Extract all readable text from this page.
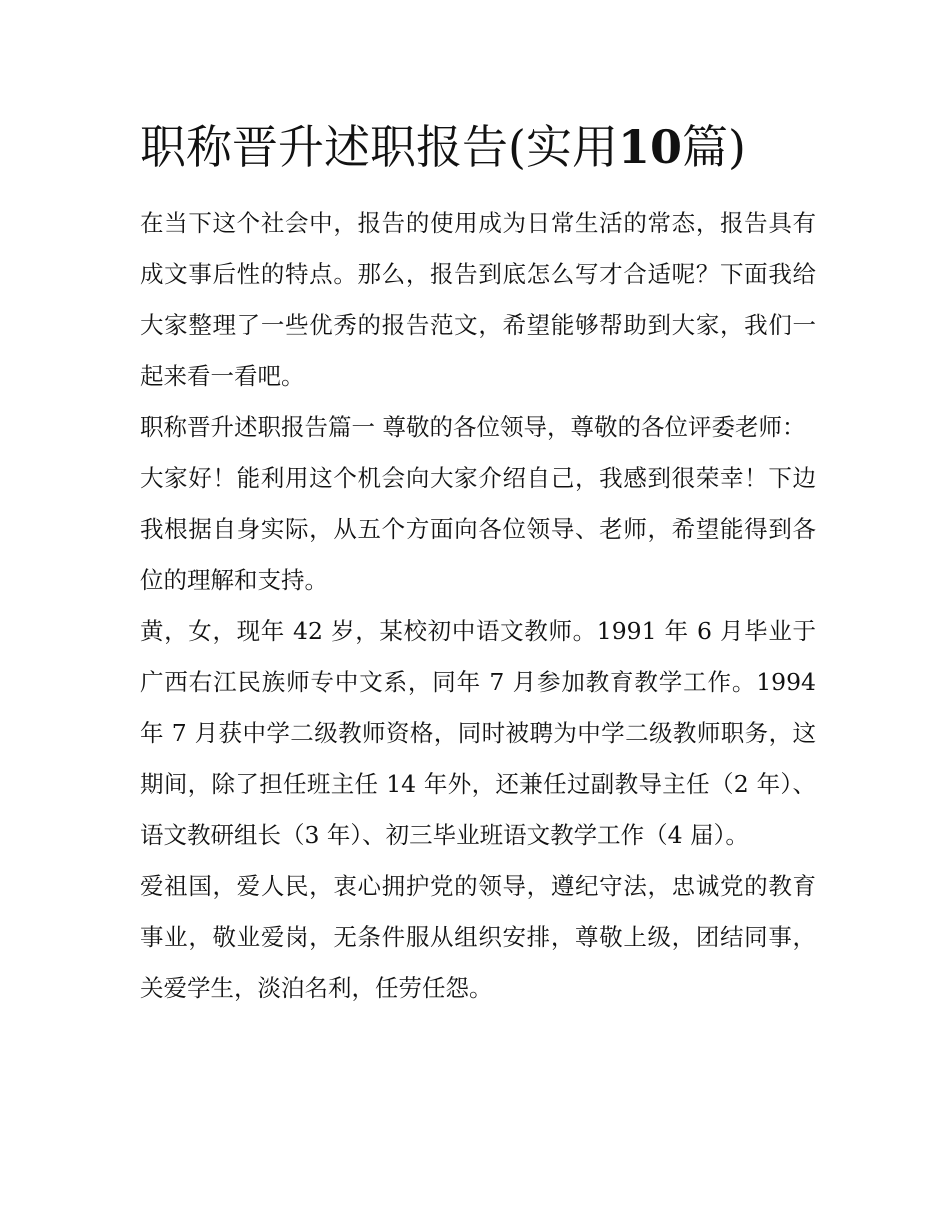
职称晋升述职报告(实用10篇)

在当下这个社会中，报告的使用成为日常生活的常态，报告具有成文事后性的特点。那么，报告到底怎么写才合适呢？下面我给大家整理了一些优秀的报告范文，希望能够帮助到大家，我们一起来看一看吧。

职称晋升述职报告篇一 尊敬的各位领导，尊敬的各位评委老师：

大家好！能利用这个机会向大家介绍自己，我感到很荣幸！下边我根据自身实际，从五个方面向各位领导、老师，希望能得到各位的理解和支持。

黄，女，现年 42 岁，某校初中语文教师。1991 年 6 月毕业于广西右江民族师专中文系，同年 7 月参加教育教学工作。1994 年 7 月获中学二级教师资格，同时被聘为中学二级教师职务，这期间，除了担任班主任 14 年外，还兼任过副教导主任（2 年）、语文教研组长（3 年）、初三毕业班语文教学工作（4 届）。

爱祖国，爱人民，衷心拥护党的领导，遵纪守法，忠诚党的教育事业，敬业爱岗，无条件服从组织安排，尊敬上级，团结同事，关爱学生，淡泊名利，任劳任怨。
